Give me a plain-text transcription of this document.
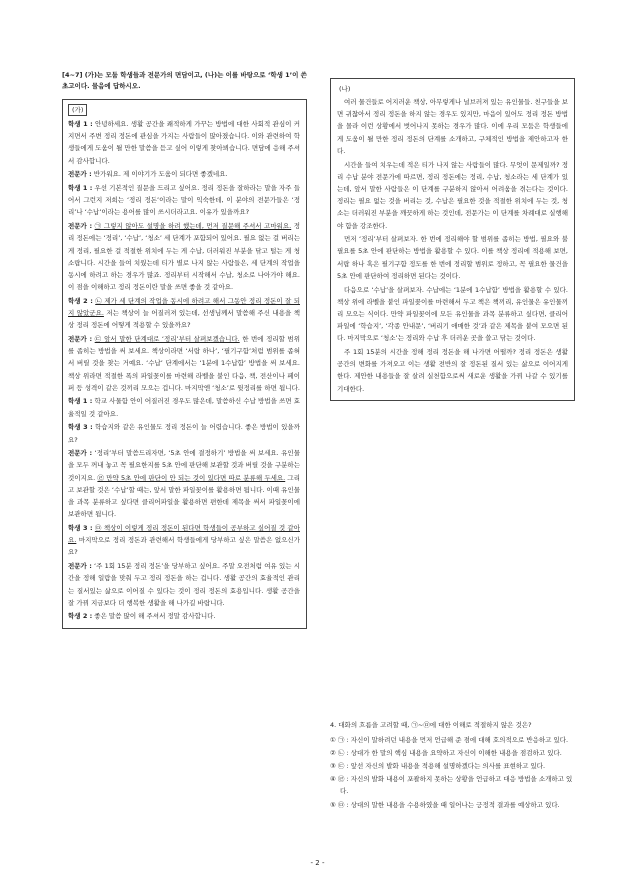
[4~7] (가)는 모둠 학생들과 전문가의 면담이고, (나)는 이를 바탕으로 ‘학생 1’이 쓴 초고이다. 물음에 답하시오.
(가)
학생 1 : 안녕하세요. 생활 공간을 쾌적하게 가꾸는 방법에 대한 사회적 관심이 커지면서 주변 정리 정돈에 관심을 가지는 사람들이 많아졌습니다. 이와 관련하여 학생들에게 도움이 될 만한 말씀을 듣고 싶어 이렇게 찾아뵈습니다. 면담에 응해 주셔서 감사합니다.
전문가 : 반가워요. 제 이야기가 도움이 되다면 좋겠네요.
학생 1 : 우선 기본적인 질문을 드리고 싶어요. 정리 정돈을 잘하라는 말을 자주 들어서 그런지 저희는 ‘정리 정돈’이라는 말이 익숙한데, 이 분야의 전문가들은 ‘정리’나 ‘수납’이라는 용어를 많이 쓰시더라고요. 이유가 있을까요?
전문가 : ㉠ 그렇지 않아도 설명을 하려 했는데, 먼저 질문해 주셔서 고마워요. 정리 정돈에는 ‘정리’, ‘수납’, ‘청소’ 세 단계가 포함되어 있어요. 필요 없는 걸 버리는 게 정리, 필요한 걸 적절한 위치에 두는 게 수납, 더러워진 부분을 닦고 털는 게 청소랍니다. 시간을 들여 치웠는데 티가 별로 나지 않는 사람들은, 세 단계의 작업을 동시에 하려고 하는 경우가 많죠. 정리부터 시작해서 수납, 청소로 나아가야 해요. 이 점을 이해하고 정리 정돈이란 말을 쓰면 좋을 것 같아요.
학생 2 : ㉡ 제가 세 단계의 작업을 동시에 하려고 해서 그동안 정리 정돈이 잘 되지 않았군요. 저는 책상이 늘 어질러져 있는데, 선생님께서 말씀해 주신 내용을 책상 정리 정돈에 어떻게 적용할 수 있을까요?
전문가 : ㉢ 앞서 말한 단계대로 ‘정리’부터 살펴보겠습니다. 한 번에 정리할 범위를 좁히는 방법을 써 보세요. 책상이라면 ‘서랍 하나’, ‘필기구함’처럼 범위를 좁혀서 버릴 것을 찾는 거예요. ‘수납’ 단계에서는 ‘1분에 1수납함’ 방법을 써 보세요. 책상 위라면 적절한 폭의 파일꽂이를 마련해 라벨을 붙인 다음, 책, 전산이나 페이퍼 등 성격이 같은 것끼리 모으는 겁니다. 마지막엔 ‘청소’로 뒷정리를 하면 됩니다.
학생 1 : 학교 사물함 안이 어질러진 경우도 많은데, 말씀하신 수납 방법을 쓰면 효율적일 것 같아요.
학생 3 : 학습지와 같은 유인물도 정리 정돈이 늘 어렵습니다. 좋은 방법이 있을까요?
전문가 : ‘정리’부터 말씀드리자면, ‘5초 안에 결정하기’ 방법을 써 보세요. 유인물을 모두 꺼내 놓고 꼭 필요한지를 5초 안에 판단해 보관할 것과 버릴 것을 구분하는 것이지요. ㉣ 만약 5초 안에 판단이 안 되는 것이 있다면 따로 분류해 두세요. 그리고 보관할 것은 ‘수납’할 때는, 앞서 말한 파일꽂이를 활용하면 됩니다. 이때 유인물을 과목 분류하고 싶다면 클리어파일을 활용하면 편한데 제목을 써서 파일꽂이에 보관하면 됩니다.
학생 3 : ㉤ 책상이 이렇게 정리 정돈이 된다면 학생들이 공부하고 싶어질 것 같아요. 마지막으로 정리 정돈과 관련해서 학생들에게 당부하고 싶은 말씀은 없으신가요?
전문가 : ‘주 1회 15분 정리 정돈’을 당부하고 싶어요. 주말 오전처럼 여유 있는 시간을 정해 일람을 맞춰 두고 정리 정돈을 하는 겁니다. 생활 공간의 효율적인 관리는 질서있는 삶으로 이어질 수 있다는 것이 정리 정돈의 효용입니다. 생활 공간을 잘 가꿔 지금보다 더 행복한 생활을 해 나가길 바랍니다.
학생 2 : 좋은 말씀 많이 해 주셔서 정말 감사합니다.
(나)
여러 물건들로 어지러운 책상, 아무렇게나 널브러져 있는 유인물들. 친구들을 보면 귀찮아서 정리 정돈을 하지 않는 경우도 있지만, 마음이 있어도 정리 정돈 방법을 몰라 이런 상황에서 벗어나지 못하는 경우가 많다. 이에 우리 모둠은 학생들에게 도움이 될 만한 정리 정돈의 단계를 소개하고, 구체적인 방법을 제안하고자 한다.
시간을 들여 치우는데 적은 티가 나지 않는 사람들이 많다. 무엇이 문제일까? 정리 수납 분야 전문가에 따르면, 정리 정돈에는 정리, 수납, 청소라는 세 단계가 있는데, 앞서 말한 사람들은 이 단계를 구분하지 않아서 어려움을 겪는다는 것이다. 정리는 필요 없는 것을 버리는 것, 수납은 필요한 것을 적절한 위치에 두는 것, 청소는 더러워진 부분을 깨끗하게 하는 것인데, 전문가는 이 단계를 차례대로 실행해야 함을 강조한다.
먼저 ‘정리’부터 살펴보자. 한 번에 정리해야 할 범위를 좁히는 방법, 필요와 불필요를 5초 안에 판단하는 방법을 활용할 수 있다. 이를 책상 정리에 적용해 보면, 서랍 하나 혹은 필기구함 정도를 한 번에 정리할 범위로 정하고, 꼭 필요한 물건을 5초 안에 판단하여 정리하면 된다는 것이다.
다음으로 ‘수납’을 살펴보자. 수납에는 ‘1분에 1수납함’ 방법을 활용할 수 있다. 책상 위에 라벨을 붙인 파일꽂이를 마련해서 두고 책은 책끼리, 유인물은 유인물끼리 모으는 식이다. 만약 파일꽂이에 모든 유인물을 과목 분류하고 싶다면, 클리어파일에 ‘학습지’, ‘각종 안내문’, ‘버리기 애매한 것’과 같은 제목을 붙여 모으면 된다. 마지막으로 ‘청소’는 정리와 수납 후 더러운 곳을 쓸고 닦는 것이다.
주 1회 15분의 시간을 정해 정리 정돈을 해 나가면 어떨까? 정리 정돈은 생활 공간의 변화를 가져오고 이는 생활 전반의 잘 정돈된 질서 있는 삶으로 이어지게 한다. 제안한 내용들을 잘 살려 실천함으로써 새로운 생활을 가꿔 나갈 수 있기를 기대한다.
4. 대화의 흐름을 고려할 때, ㉠~㉤에 대한 이해로 적절하지 않은 것은?
① ㉠ : 자신이 말하려던 내용을 먼저 언급해 준 점에 대해 호의적으로 반응하고 있다.
② ㉡ : 상대가 한 말의 핵심 내용을 요약하고 자신이 이해한 내용을 점검하고 있다.
③ ㉢ : 앞선 자신의 발화 내용을 적용해 설명하겠다는 의사를 표현하고 있다.
④ ㉣ : 자신의 발화 내용이 포괄하지 못하는 상황을 언급하고 대응 방법을 소개하고 있다.
⑤ ㉤ : 상대의 말한 내용을 수용하였을 때 일어나는 긍정적 결과를 예상하고 있다.
- 2 -
